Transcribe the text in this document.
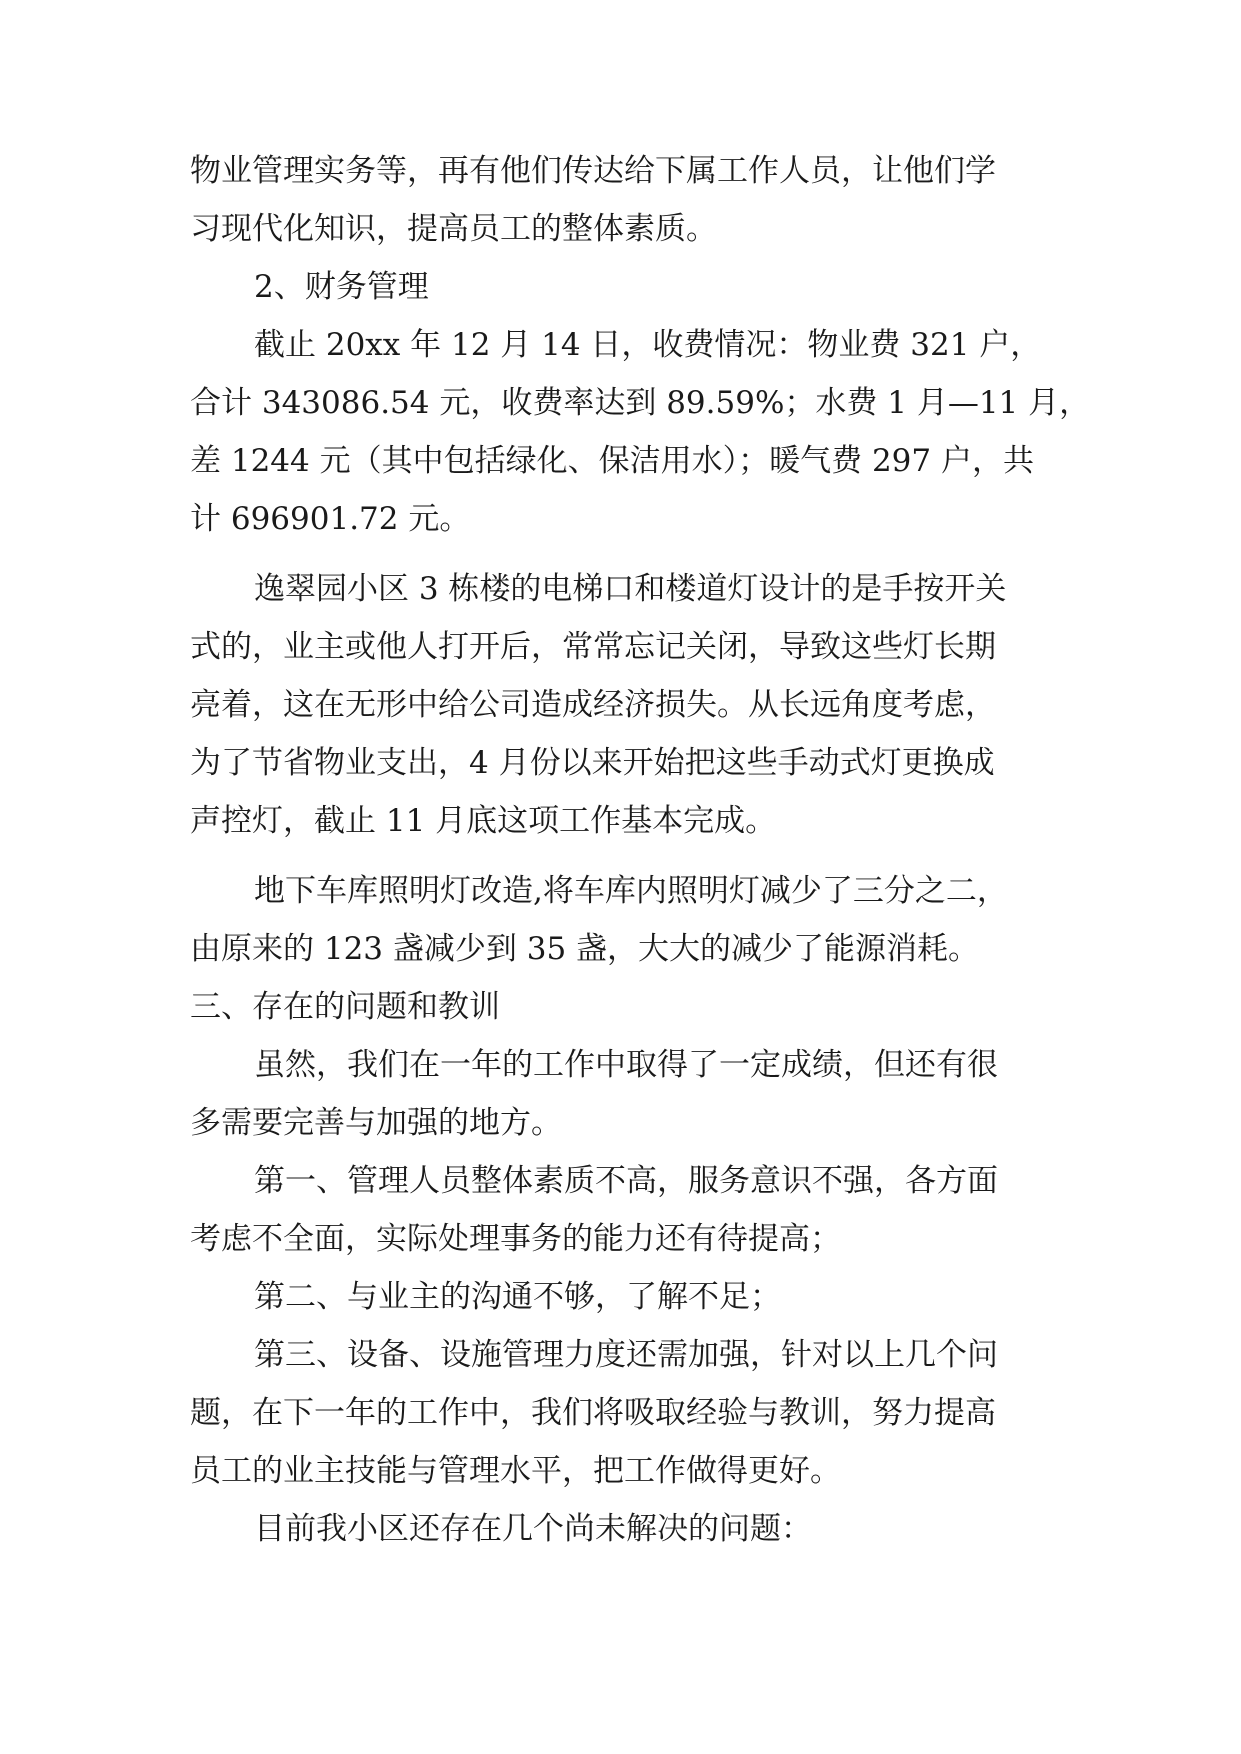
物业管理实务等，再有他们传达给下属工作人员，让他们学

习现代化知识，提高员工的整体素质。

2、财务管理

截止 20xx 年 12 月 14 日，收费情况：物业费 321 户，

合计 343086.54 元，收费率达到 89.59%；水费 1 月—11 月，

差 1244 元（其中包括绿化、保洁用水）；暖气费 297 户，共

计 696901.72 元。

逸翠园小区 3 栋楼的电梯口和楼道灯设计的是手按开关

式的，业主或他人打开后，常常忘记关闭，导致这些灯长期

亮着，这在无形中给公司造成经济损失。从长远角度考虑，

为了节省物业支出，4 月份以来开始把这些手动式灯更换成

声控灯，截止 11 月底这项工作基本完成。

地下车库照明灯改造,将车库内照明灯减少了三分之二，

由原来的 123 盏减少到 35 盏，大大的减少了能源消耗。

三、存在的问题和教训

虽然，我们在一年的工作中取得了一定成绩，但还有很

多需要完善与加强的地方。

第一、管理人员整体素质不高，服务意识不强，各方面

考虑不全面，实际处理事务的能力还有待提高；

第二、与业主的沟通不够，了解不足；

第三、设备、设施管理力度还需加强，针对以上几个问

题，在下一年的工作中，我们将吸取经验与教训，努力提高

员工的业主技能与管理水平，把工作做得更好。

目前我小区还存在几个尚未解决的问题：
